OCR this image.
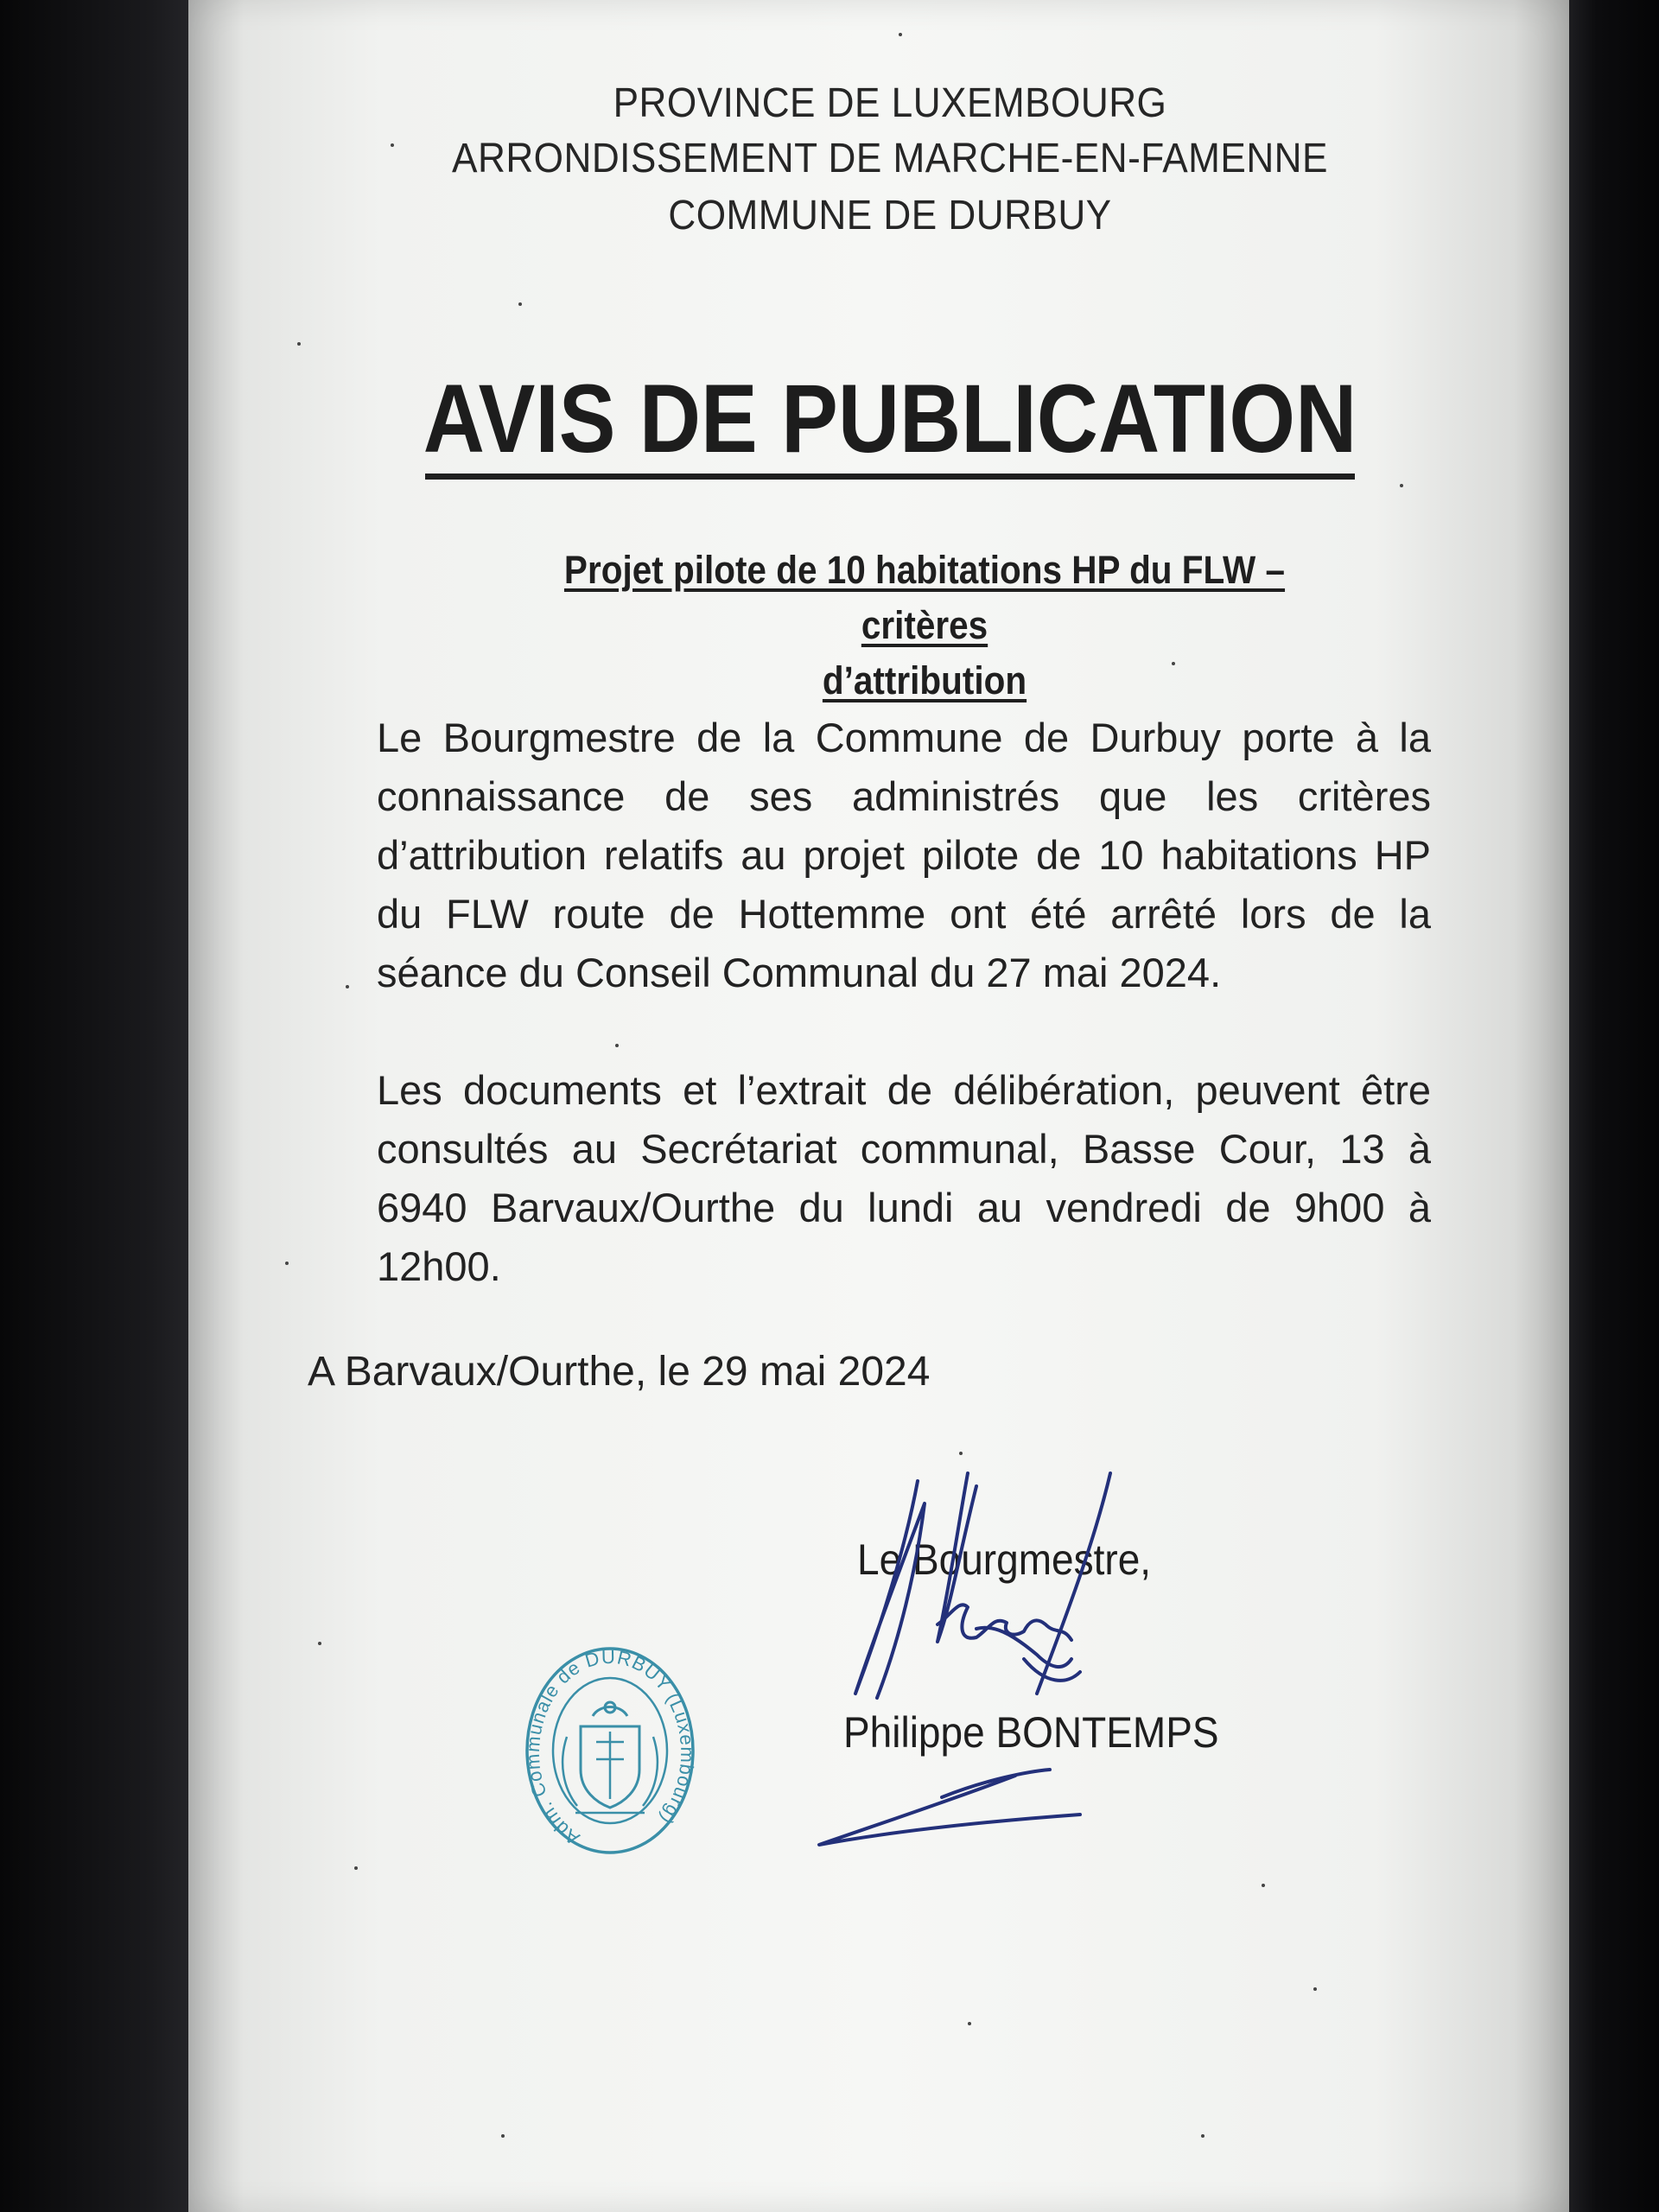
PROVINCE DE LUXEMBOURG
ARRONDISSEMENT DE MARCHE-EN-FAMENNE
COMMUNE DE DURBUY
AVIS DE PUBLICATION
Projet pilote de 10 habitations HP du FLW – critères
d’attribution
Le Bourgmestre de la Commune de Durbuy porte à la
connaissance de ses administrés que les critères
d’attribution relatifs au projet pilote de 10 habitations HP
du FLW route de Hottemme ont été arrêté lors de la
séance du Conseil Communal du 27 mai 2024.
Les documents et l’extrait de délibération, peuvent être
consultés au Secrétariat communal, Basse Cour, 13 à
6940 Barvaux/Ourthe du lundi au vendredi de 9h00 à
12h00.
A Barvaux/Ourthe, le 29 mai 2024
Le Bourgmestre,
Philippe BONTEMPS
Adm. Communale de DURBUY (Luxembourg)
